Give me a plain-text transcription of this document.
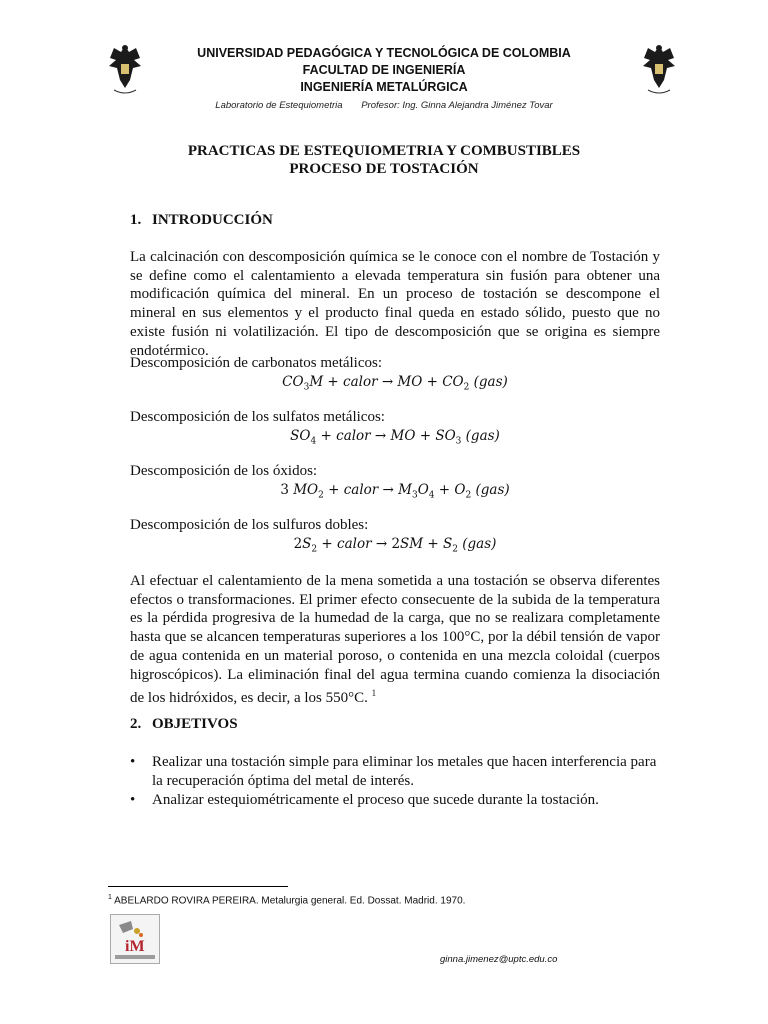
UNIVERSIDAD PEDAGÓGICA Y TECNOLÓGICA DE COLOMBIA
FACULTAD DE INGENIERÍA
INGENIERÍA METALÚRGICA
Laboratorio de Estequiometria Profesor: Ing. Ginna Alejandra Jiménez Tovar
PRACTICAS DE ESTEQUIOMETRIA Y COMBUSTIBLES
PROCESO DE TOSTACIÓN
1. INTRODUCCIÓN
La calcinación con descomposición química se le conoce con el nombre de Tostación y se define como el calentamiento a elevada temperatura sin fusión para obtener una modificación química del mineral. En un proceso de tostación se descompone el mineral en sus elementos y el producto final queda en estado sólido, puesto que no existe fusión ni volatilización. El tipo de descomposición que se origina es siempre endotérmico.
Descomposición de carbonatos metálicos:
$CO_3M$ + calor → MO + $CO_2$ (gas)
Descomposición de los sulfatos metálicos:
$SO_4$ + calor → MO + $SO_3$ (gas)
Descomposición de los óxidos:
3 $MO_2$ + calor → $M_3O_4 + O_2$ (gas)
Descomposición de los sulfuros dobles:
$2S_2$ + calor → $2SM + S_2$ (gas)
Al efectuar el calentamiento de la mena sometida a una tostación se observa diferentes efectos o transformaciones. El primer efecto consecuente de la subida de la temperatura es la pérdida progresiva de la humedad de la carga, que no se realizara completamente hasta que se alcancen temperaturas superiores a los 100°C, por la débil tensión de vapor de agua contenida en un material poroso, o contenida en una mezcla coloidal (cuerpos higroscópicos). La eliminación final del agua termina cuando comienza la disociación de los hidróxidos, es decir, a los 550°C. $^1$
2. OBJETIVOS
•	Realizar una tostación simple para eliminar los metales que hacen interferencia para la recuperación óptima del metal de interés.
•	Analizar estequiométricamente el proceso que sucede durante la tostación.
$^1$ ABELARDO ROVIRA PEREIRA. Metalurgia general. Ed. Dossat. Madrid. 1970.
iM
ginna.jimenez@uptc.edu.co
